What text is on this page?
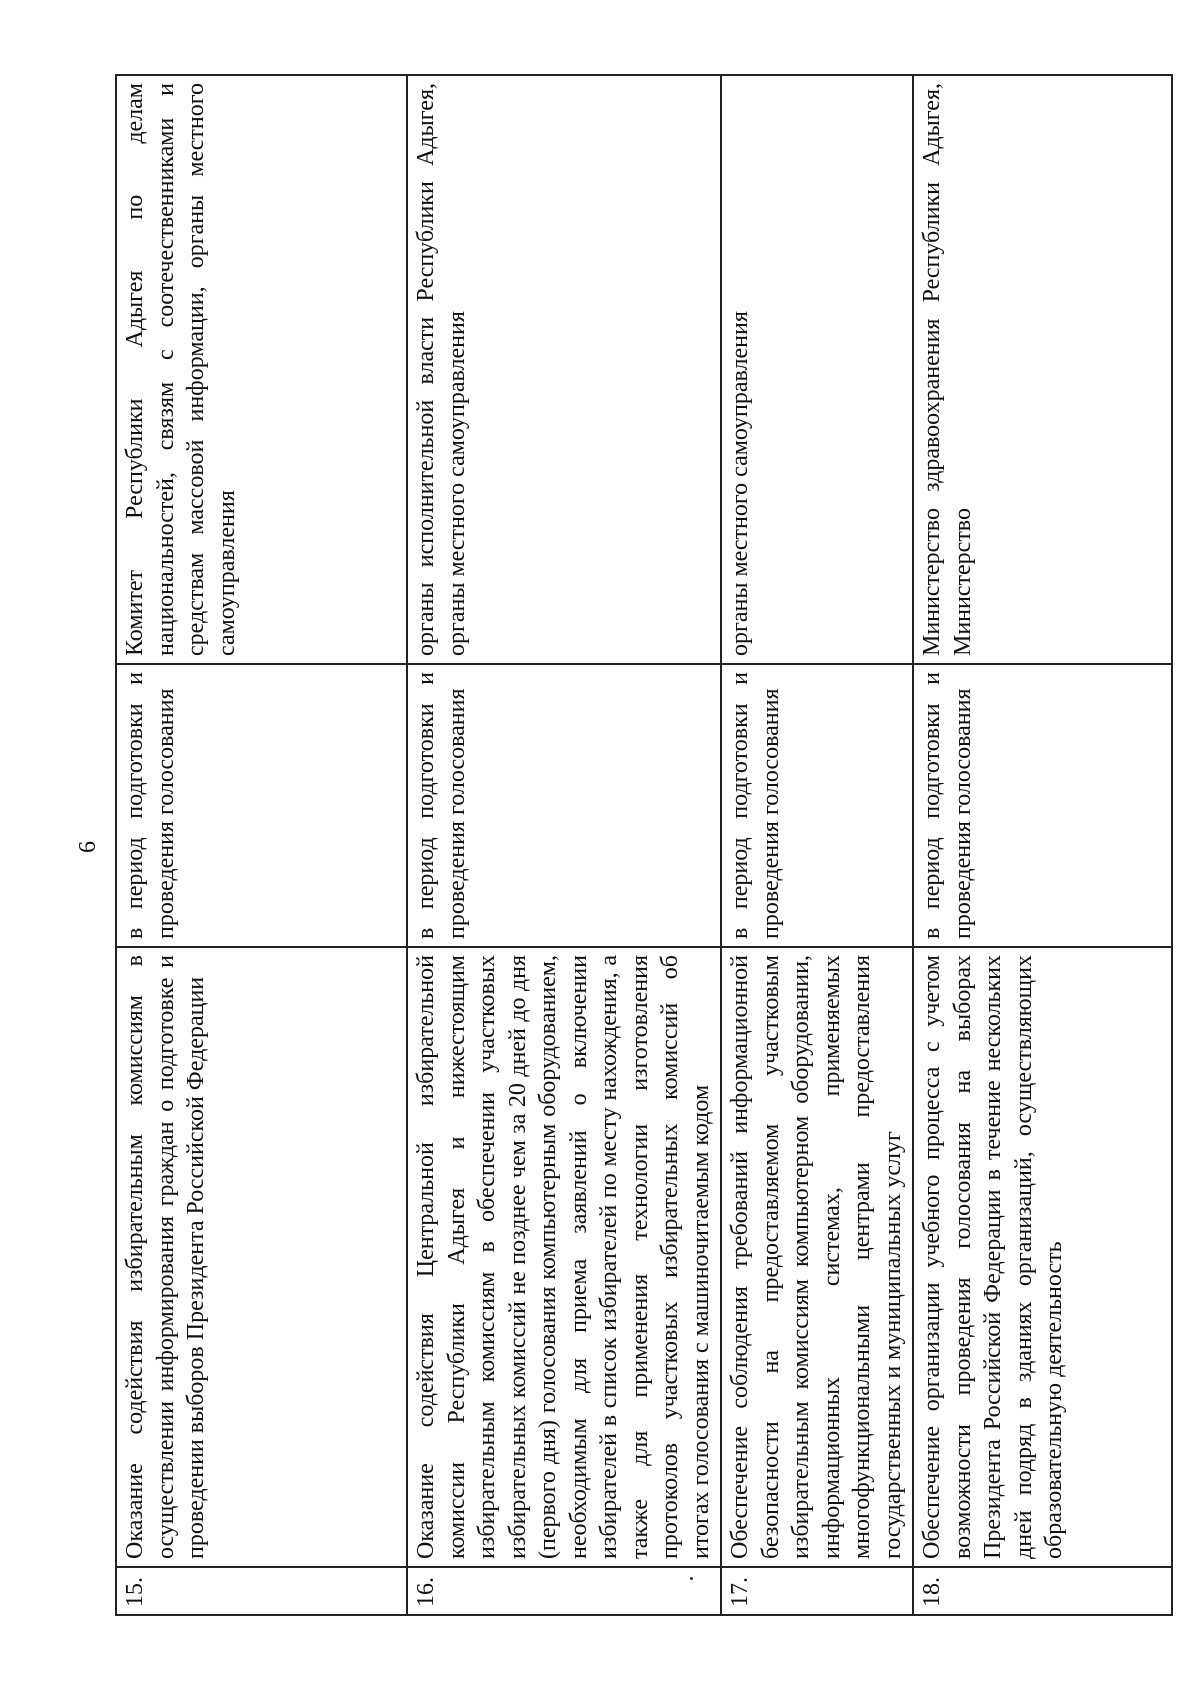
6
15.	Оказание содействия избирательным комиссиям в осуществлении информирования граждан о подготовке и проведении выборов Президента Российской Федерации	в период подготовки и проведения голосования	Комитет Республики Адыгея по делам национальностей, связям с соотечественниками и средствам массовой информации, органы местного самоуправления
16.	Оказание содействия Центральной избирательной комиссии Республики Адыгея и нижестоящим избирательным комиссиям в обеспечении участковых избирательных комиссий не позднее чем за 20 дней до дня (первого дня) голосования компьютерным оборудованием, необходимым для приема заявлений о включении избирателей в список избирателей по месту нахождения, а также для применения технологии изготовления протоколов участковых избирательных комиссий об итогах голосования с машиночитаемым кодом	в период подготовки и проведения голосования	органы исполнительной власти Республики Адыгея, органы местного самоуправления
17.	Обеспечение соблюдения требований информационной безопасности на предоставляемом участковым избирательным комиссиям компьютерном оборудовании, информационных системах, применяемых многофункциональными центрами предоставления государственных и муниципальных услуг	в период подготовки и проведения голосования	органы местного самоуправления
18.	Обеспечение организации учебного процесса с учетом возможности проведения голосования на выборах Президента Российской Федерации в течение нескольких дней подряд в зданиях организаций, осуществляющих образовательную деятельность	в период подготовки и проведения голосования	Министерство здравоохранения Республики Адыгея, Министерство
